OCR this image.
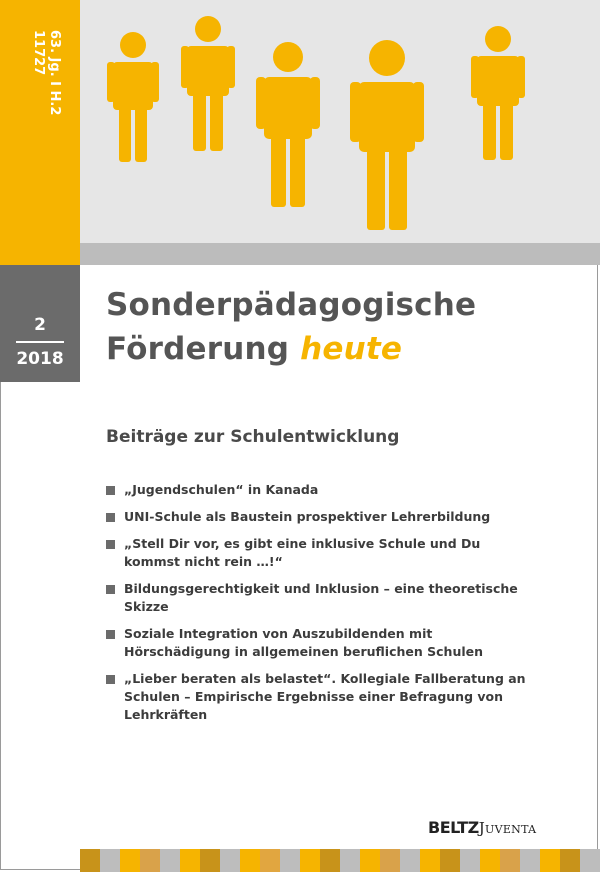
63. Jg. I H.2
11727
2
2018
Sonderpädagogische
Förderung heute
Beiträge zur Schulentwicklung
„Jugendschulen“ in Kanada
UNI-Schule als Baustein prospektiver Lehrerbildung
„Stell Dir vor, es gibt eine inklusive Schule und Du kommst nicht rein …!“
Bildungsgerechtigkeit und Inklusion – eine theoretische Skizze
Soziale Integration von Auszubildenden mit Hörschädigung in allgemeinen beruflichen Schulen
„Lieber beraten als belastet“. Kollegiale Fallberatung an Schulen – Empirische Ergebnisse einer Befragung von Lehrkräften
BELTZJuventa
